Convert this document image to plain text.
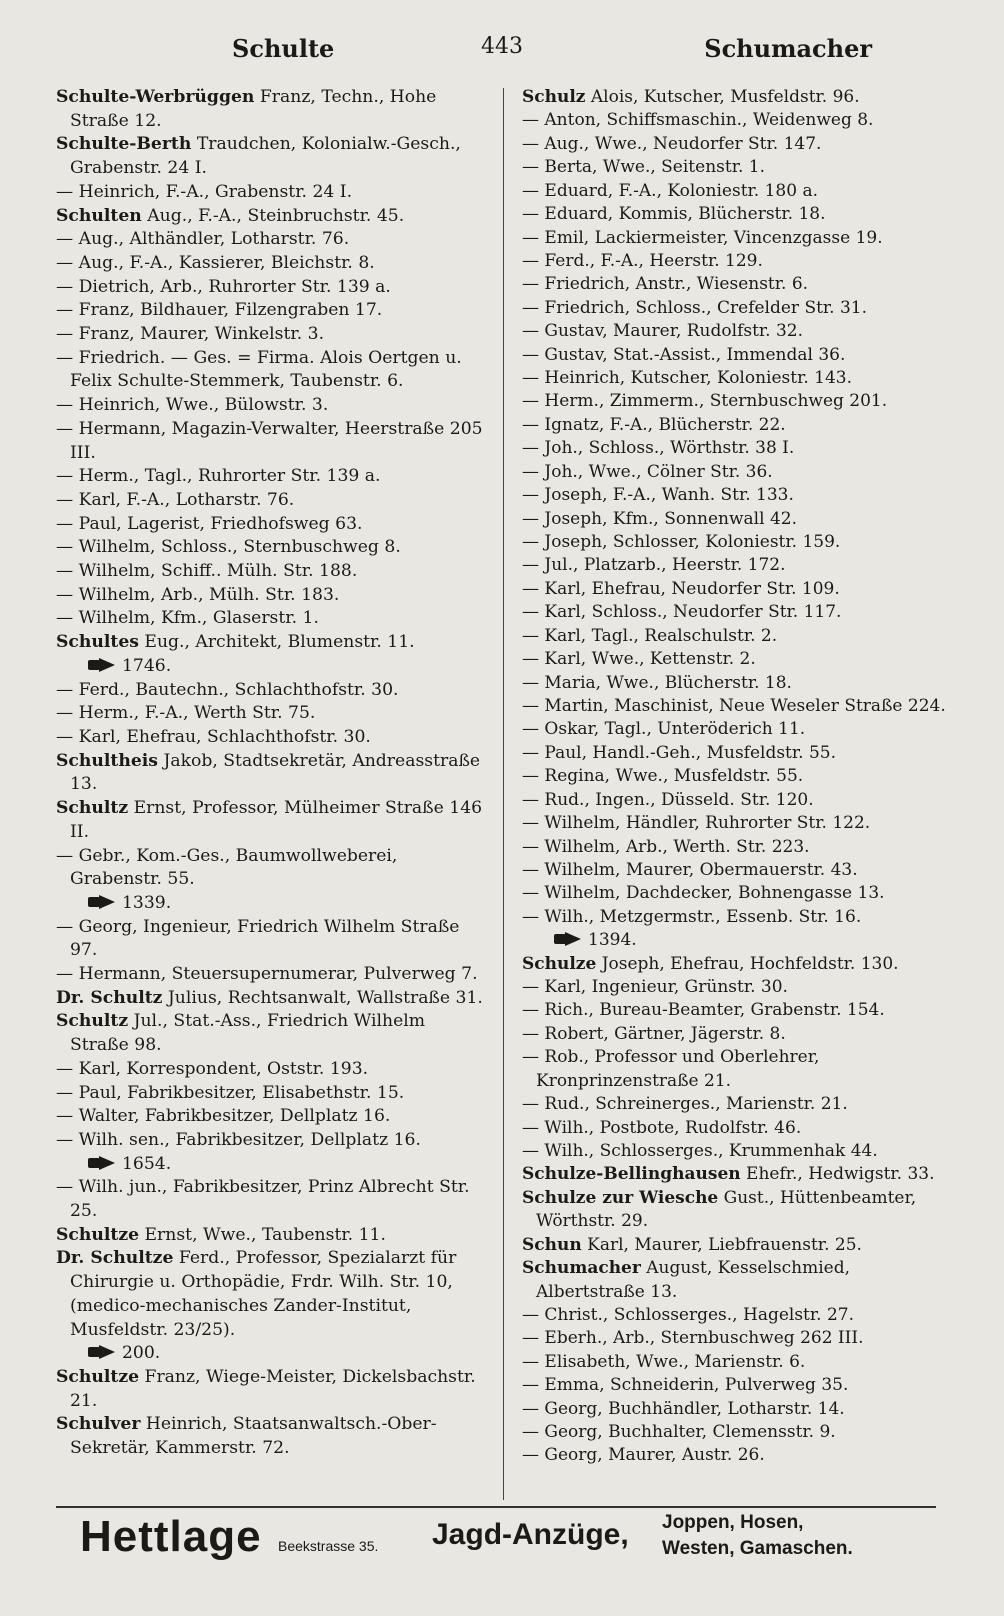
Schulte	443	Schumacher
Schulte-Werbrüggen Franz, Techn., Hohe Straße 12.
Schulte-Berth Traudchen, Kolonialw.-Gesch., Grabenstr. 24 I.
— Heinrich, F.-A., Grabenstr. 24 I.
Schulten Aug., F.-A., Steinbruchstr. 45.
— Aug., Althändler, Lotharstr. 76.
— Aug., F.-A., Kassierer, Bleichstr. 8.
— Dietrich, Arb., Ruhrorter Str. 139 a.
— Franz, Bildhauer, Filzengraben 17.
— Franz, Maurer, Winkelstr. 3.
— Friedrich. — Ges. = Firma. Alois Oertgen u. Felix Schulte-Stemmerk, Taubenstr. 6.
— Heinrich, Wwe., Bülowstr. 3.
— Hermann, Magazin-Verwalter, Heerstraße 205 III.
— Herm., Tagl., Ruhrorter Str. 139 a.
— Karl, F.-A., Lotharstr. 76.
— Paul, Lagerist, Friedhofsweg 63.
— Wilhelm, Schloss., Sternbuschweg 8.
— Wilhelm, Schiff.. Mülh. Str. 188.
— Wilhelm, Arb., Mülh. Str. 183.
— Wilhelm, Kfm., Glaserstr. 1.
Schultes Eug., Architekt, Blumenstr. 11.
1746.
— Ferd., Bautechn., Schlachthofstr. 30.
— Herm., F.-A., Werth Str. 75.
— Karl, Ehefrau, Schlachthofstr. 30.
Schultheis Jakob, Stadtsekretär, Andreasstraße 13.
Schultz Ernst, Professor, Mülheimer Straße 146 II.
— Gebr., Kom.-Ges., Baumwollweberei, Grabenstr. 55.
1339.
— Georg, Ingenieur, Friedrich Wilhelm Straße 97.
— Hermann, Steuersupernumerar, Pulverweg 7.
Dr. Schultz Julius, Rechtsanwalt, Wallstraße 31.
Schultz Jul., Stat.-Ass., Friedrich Wilhelm Straße 98.
— Karl, Korrespondent, Oststr. 193.
— Paul, Fabrikbesitzer, Elisabethstr. 15.
— Walter, Fabrikbesitzer, Dellplatz 16.
— Wilh. sen., Fabrikbesitzer, Dellplatz 16.
1654.
— Wilh. jun., Fabrikbesitzer, Prinz Albrecht Str. 25.
Schultze Ernst, Wwe., Taubenstr. 11.
Dr. Schultze Ferd., Professor, Spezialarzt für Chirurgie u. Orthopädie, Frdr. Wilh. Str. 10, (medico-mechanisches Zander-Institut, Musfeldstr. 23/25).
200.
Schultze Franz, Wiege-Meister, Dickelsbachstr. 21.
Schulver Heinrich, Staatsanwaltsch.-Ober-Sekretär, Kammerstr. 72.
Schulz Alois, Kutscher, Musfeldstr. 96.
— Anton, Schiffsmaschin., Weidenweg 8.
— Aug., Wwe., Neudorfer Str. 147.
— Berta, Wwe., Seitenstr. 1.
— Eduard, F.-A., Koloniestr. 180 a.
— Eduard, Kommis, Blücherstr. 18.
— Emil, Lackiermeister, Vincenzgasse 19.
— Ferd., F.-A., Heerstr. 129.
— Friedrich, Anstr., Wiesenstr. 6.
— Friedrich, Schloss., Crefelder Str. 31.
— Gustav, Maurer, Rudolfstr. 32.
— Gustav, Stat.-Assist., Immendal 36.
— Heinrich, Kutscher, Koloniestr. 143.
— Herm., Zimmerm., Sternbuschweg 201.
— Ignatz, F.-A., Blücherstr. 22.
— Joh., Schloss., Wörthstr. 38 I.
— Joh., Wwe., Cölner Str. 36.
— Joseph, F.-A., Wanh. Str. 133.
— Joseph, Kfm., Sonnenwall 42.
— Joseph, Schlosser, Koloniestr. 159.
— Jul., Platzarb., Heerstr. 172.
— Karl, Ehefrau, Neudorfer Str. 109.
— Karl, Schloss., Neudorfer Str. 117.
— Karl, Tagl., Realschulstr. 2.
— Karl, Wwe., Kettenstr. 2.
— Maria, Wwe., Blücherstr. 18.
— Martin, Maschinist, Neue Weseler Straße 224.
— Oskar, Tagl., Unteröderich 11.
— Paul, Handl.-Geh., Musfeldstr. 55.
— Regina, Wwe., Musfeldstr. 55.
— Rud., Ingen., Düsseld. Str. 120.
— Wilhelm, Händler, Ruhrorter Str. 122.
— Wilhelm, Arb., Werth. Str. 223.
— Wilhelm, Maurer, Obermauerstr. 43.
— Wilhelm, Dachdecker, Bohnengasse 13.
— Wilh., Metzgermstr., Essenb. Str. 16.
1394.
Schulze Joseph, Ehefrau, Hochfeldstr. 130.
— Karl, Ingenieur, Grünstr. 30.
— Rich., Bureau-Beamter, Grabenstr. 154.
— Robert, Gärtner, Jägerstr. 8.
— Rob., Professor und Oberlehrer, Kronprinzenstraße 21.
— Rud., Schreinerges., Marienstr. 21.
— Wilh., Postbote, Rudolfstr. 46.
— Wilh., Schlosserges., Krummenhak 44.
Schulze-Bellinghausen Ehefr., Hedwigstr. 33.
Schulze zur Wiesche Gust., Hüttenbeamter, Wörthstr. 29.
Schun Karl, Maurer, Liebfrauenstr. 25.
Schumacher August, Kesselschmied, Albertstraße 13.
— Christ., Schlosserges., Hagelstr. 27.
— Eberh., Arb., Sternbuschweg 262 III.
— Elisabeth, Wwe., Marienstr. 6.
— Emma, Schneiderin, Pulverweg 35.
— Georg, Buchhändler, Lotharstr. 14.
— Georg, Buchhalter, Clemensstr. 9.
— Georg, Maurer, Austr. 26.
Hettlage Beekstrasse 35. Jagd-Anzüge, Joppen, Hosen,
Westen, Gamaschen.
